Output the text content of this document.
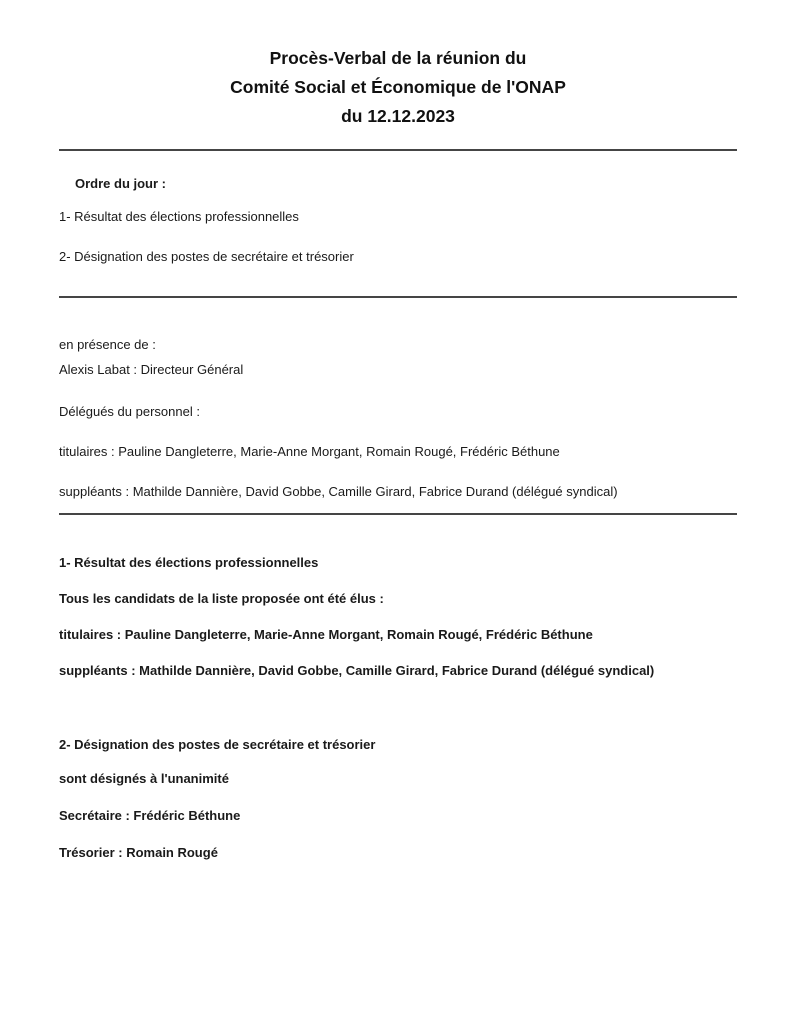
Procès-Verbal de la réunion du
Comité Social et Économique de l'ONAP
du 12.12.2023

Ordre du jour :

1- Résultat des élections professionnelles

2- Désignation des postes de secrétaire et trésorier

en présence de :

Alexis Labat : Directeur Général

Délégués du personnel :

titulaires : Pauline Dangleterre, Marie-Anne Morgant, Romain Rougé, Frédéric Béthune

suppléants : Mathilde Dannière, David Gobbe, Camille Girard, Fabrice Durand (délégué syndical)

1- Résultat des élections professionnelles

Tous les candidats de la liste proposée ont été élus :

titulaires : Pauline Dangleterre, Marie-Anne Morgant, Romain Rougé, Frédéric Béthune

suppléants : Mathilde Dannière, David Gobbe, Camille Girard, Fabrice Durand (délégué syndical)

2- Désignation des postes de secrétaire et trésorier

sont désignés à l'unanimité

Secrétaire : Frédéric Béthune

Trésorier : Romain Rougé
